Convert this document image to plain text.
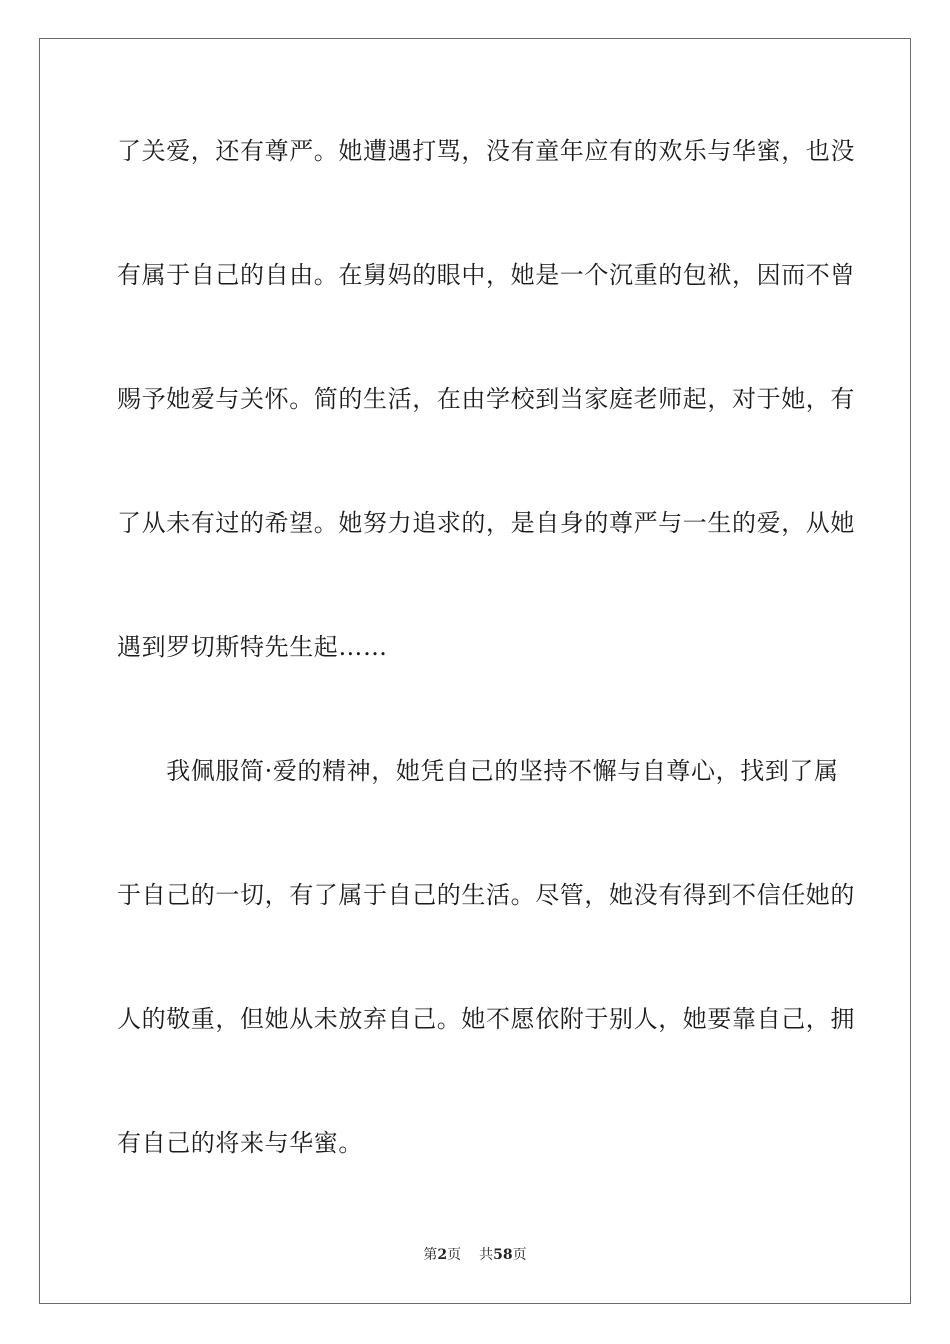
了关爱，还有尊严。她遭遇打骂，没有童年应有的欢乐与华蜜，也没
有属于自己的自由。在舅妈的眼中，她是一个沉重的包袱，因而不曾
赐予她爱与关怀。简的生活，在由学校到当家庭老师起，对于她，有
了从未有过的希望。她努力追求的，是自身的尊严与一生的爱，从她
遇到罗切斯特先生起……
　　我佩服简·爱的精神，她凭自己的坚持不懈与自尊心，找到了属
于自己的一切，有了属于自己的生活。尽管，她没有得到不信任她的
人的敬重，但她从未放弃自己。她不愿依附于别人，她要靠自己，拥
有自己的将来与华蜜。
第2页 共58页
